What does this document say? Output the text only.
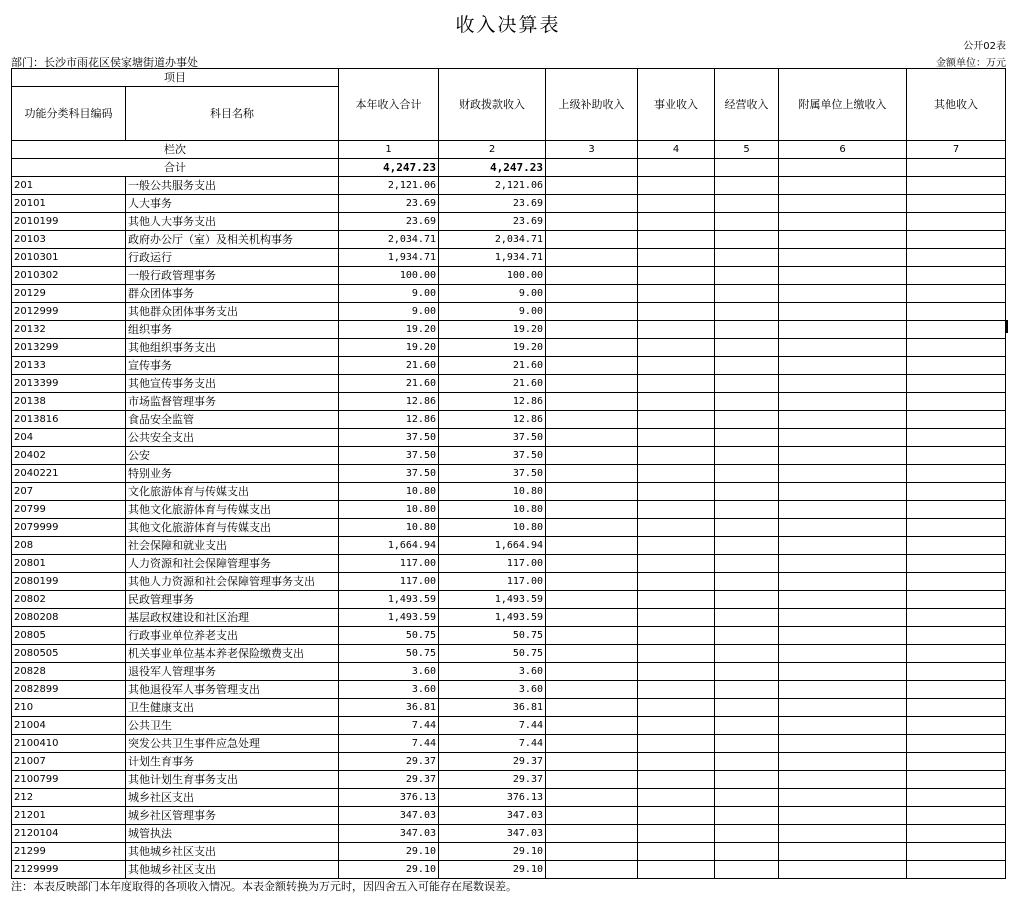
收入决算表
公开02表
部门：长沙市雨花区侯家塘街道办事处	金额单位：万元
项目		本年收入合计	财政拨款收入	上级补助收入	事业收入	经营收入	附属单位上缴收入	其他收入
功能分类科目编码	科目名称							
栏次		1	2	3	4	5	6	7
合计		4,247.23	4,247.23					
201	一般公共服务支出	2,121.06	2,121.06					
20101	人大事务	23.69	23.69					
2010199	其他人大事务支出	23.69	23.69					
20103	政府办公厅（室）及相关机构事务	2,034.71	2,034.71					
2010301	行政运行	1,934.71	1,934.71					
2010302	一般行政管理事务	100.00	100.00					
20129	群众团体事务	9.00	9.00					
2012999	其他群众团体事务支出	9.00	9.00					
20132	组织事务	19.20	19.20					
2013299	其他组织事务支出	19.20	19.20					
20133	宣传事务	21.60	21.60					
2013399	其他宣传事务支出	21.60	21.60					
20138	市场监督管理事务	12.86	12.86					
2013816	食品安全监管	12.86	12.86					
204	公共安全支出	37.50	37.50					
20402	公安	37.50	37.50					
2040221	特别业务	37.50	37.50					
207	文化旅游体育与传媒支出	10.80	10.80					
20799	其他文化旅游体育与传媒支出	10.80	10.80					
2079999	其他文化旅游体育与传媒支出	10.80	10.80					
208	社会保障和就业支出	1,664.94	1,664.94					
20801	人力资源和社会保障管理事务	117.00	117.00					
2080199	其他人力资源和社会保障管理事务支出	117.00	117.00					
20802	民政管理事务	1,493.59	1,493.59					
2080208	基层政权建设和社区治理	1,493.59	1,493.59					
20805	行政事业单位养老支出	50.75	50.75					
2080505	机关事业单位基本养老保险缴费支出	50.75	50.75					
20828	退役军人管理事务	3.60	3.60					
2082899	其他退役军人事务管理支出	3.60	3.60					
210	卫生健康支出	36.81	36.81					
21004	公共卫生	7.44	7.44					
2100410	突发公共卫生事件应急处理	7.44	7.44					
21007	计划生育事务	29.37	29.37					
2100799	其他计划生育事务支出	29.37	29.37					
212	城乡社区支出	376.13	376.13					
21201	城乡社区管理事务	347.03	347.03					
2120104	城管执法	347.03	347.03					
21299	其他城乡社区支出	29.10	29.10					
2129999	其他城乡社区支出	29.10	29.10					
注：本表反映部门本年度取得的各项收入情况。本表金额转换为万元时，因四舍五入可能存在尾数误差。
